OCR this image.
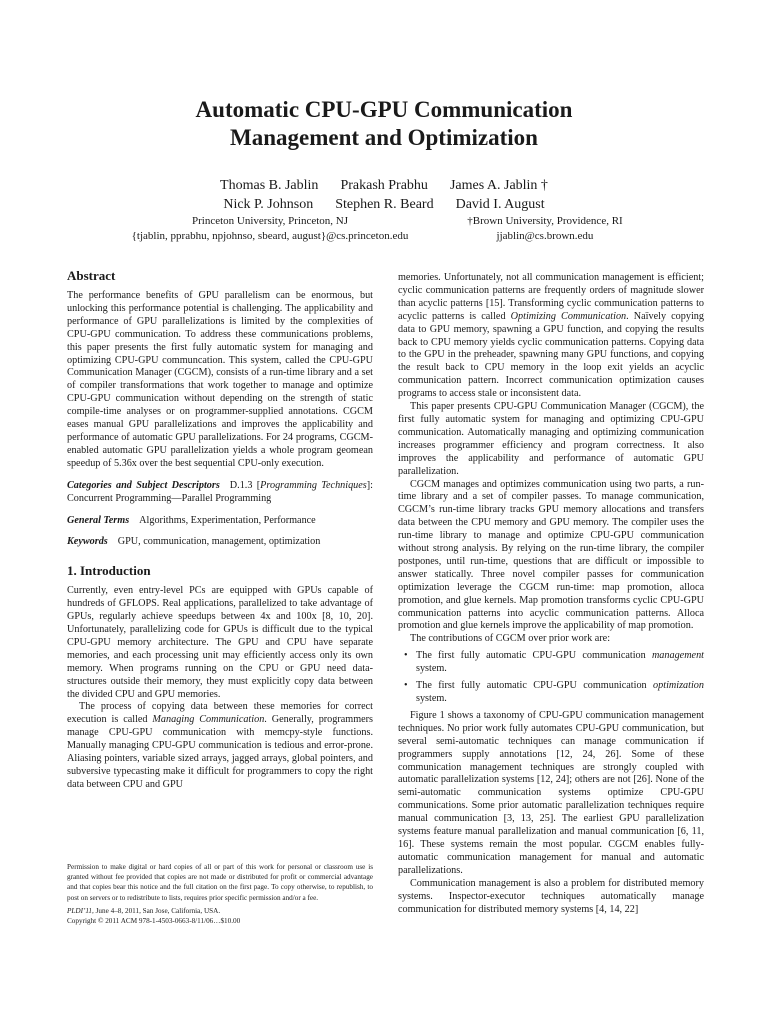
Automatic CPU-GPU Communication
Management and Optimization
Thomas B. Jablin Prakash Prabhu James A. Jablin †
Nick P. Johnson Stephen R. Beard David I. August
Princeton University, Princeton, NJ
{tjablin, pprabhu, npjohnso, sbeard, august}@cs.princeton.edu
†Brown University, Providence, RI
jjablin@cs.brown.edu
Abstract

The performance benefits of GPU parallelism can be enormous, but unlocking this performance potential is challenging. The applicability and performance of GPU parallelizations is limited by the complexities of CPU-GPU communication. To address these communications problems, this paper presents the first fully automatic system for managing and optimizing CPU-GPU communcation. This system, called the CPU-GPU Communication Manager (CGCM), consists of a run-time library and a set of compiler transformations that work together to manage and optimize CPU-GPU communication without depending on the strength of static compile-time analyses or on programmer-supplied annotations. CGCM eases manual GPU parallelizations and improves the applicability and performance of automatic GPU parallelizations. For 24 programs, CGCM-enabled automatic GPU parallelization yields a whole program geomean speedup of 5.36x over the best sequential CPU-only execution.

Categories and Subject Descriptors D.1.3 [Programming Techniques]: Concurrent Programming—Parallel Programming

General Terms Algorithms, Experimentation, Performance

Keywords GPU, communication, management, optimization

1. Introduction

Currently, even entry-level PCs are equipped with GPUs capable of hundreds of GFLOPS. Real applications, parallelized to take advantage of GPUs, regularly achieve speedups between 4x and 100x [8, 10, 20]. Unfortunately, parallelizing code for GPUs is difficult due to the typical CPU-GPU memory architecture. The GPU and CPU have separate memories, and each processing unit may efficiently access only its own memory. When programs running on the CPU or GPU need data-structures outside their memory, they must explicitly copy data between the divided CPU and GPU memories.

The process of copying data between these memories for correct execution is called Managing Communication. Generally, programmers manage CPU-GPU communication with memcpy-style functions. Manually managing CPU-GPU communication is tedious and error-prone. Aliasing pointers, variable sized arrays, jagged arrays, global pointers, and subversive typecasting make it difficult for programmers to copy the right data between CPU and GPU

memories. Unfortunately, not all communication management is efficient; cyclic communication patterns are frequently orders of magnitude slower than acyclic patterns [15]. Transforming cyclic communication patterns to acyclic patterns is called Optimizing Communication. Naïvely copying data to GPU memory, spawning a GPU function, and copying the results back to CPU memory yields cyclic communication patterns. Copying data to the GPU in the preheader, spawning many GPU functions, and copying the result back to CPU memory in the loop exit yields an acyclic communication pattern. Incorrect communication optimization causes programs to access stale or inconsistent data.

This paper presents CPU-GPU Communication Manager (CGCM), the first fully automatic system for managing and optimizing CPU-GPU communication. Automatically managing and optimizing communication increases programmer efficiency and program correctness. It also improves the applicability and performance of automatic GPU parallelization.

CGCM manages and optimizes communication using two parts, a run-time library and a set of compiler passes. To manage communication, CGCM’s run-time library tracks GPU memory allocations and transfers data between the CPU memory and GPU memory. The compiler uses the run-time library to manage and optimize CPU-GPU communication without strong analysis. By relying on the run-time library, the compiler postpones, until run-time, questions that are difficult or impossible to answer statically. Three novel compiler passes for communication optimization leverage the CGCM run-time: map promotion, alloca promotion, and glue kernels. Map promotion transforms cyclic CPU-GPU communication patterns into acyclic communication patterns. Alloca promotion and glue kernels improve the applicability of map promotion.

The contributions of CGCM over prior work are:

• The first fully automatic CPU-GPU communication management system.
• The first fully automatic CPU-GPU communication optimization system.

Figure 1 shows a taxonomy of CPU-GPU communication management techniques. No prior work fully automates CPU-GPU communication, but several semi-automatic techniques can manage communication if programmers supply annotations [12, 24, 26]. Some of these communication management techniques are strongly coupled with automatic parallelization systems [12, 24]; others are not [26]. None of the semi-automatic communication systems optimize CPU-GPU communications. Some prior automatic parallelization techniques require manual communication [3, 13, 25]. The earliest GPU parallelization systems feature manual parallelization and manual communication [6, 11, 16]. These systems remain the most popular. CGCM enables fully-automatic communication management for manual and automatic parallelizations.

Communication management is also a problem for distributed memory systems. Inspector-executor techniques automatically manage communication for distributed memory systems [4, 14, 22]

Permission to make digital or hard copies of all or part of this work for personal or classroom use is granted without fee provided that copies are not made or distributed for profit or commercial advantage and that copies bear this notice and the full citation on the first page. To copy otherwise, to republish, to post on servers or to redistribute to lists, requires prior specific permission and/or a fee.

PLDI’11, June 4–8, 2011, San Jose, California, USA.

Copyright © 2011 ACM 978-1-4503-0663-8/11/06…$10.00
